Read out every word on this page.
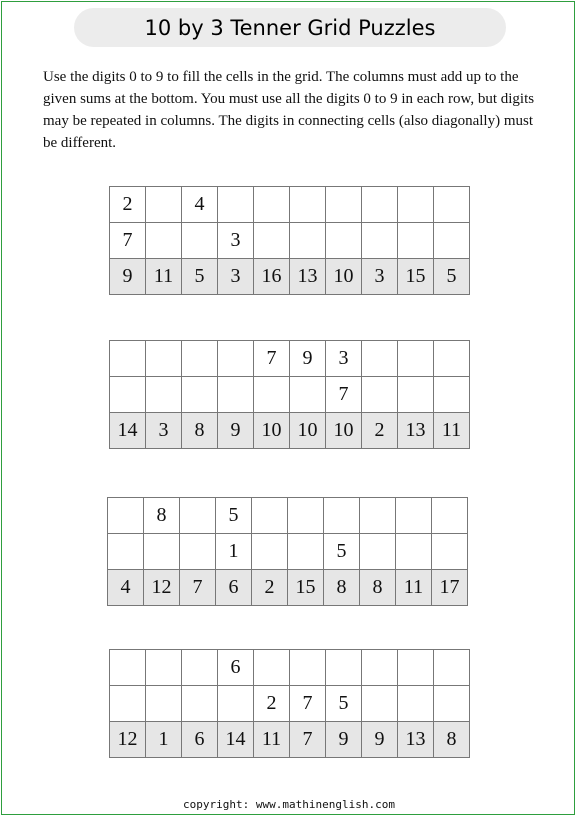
10 by 3 Tenner Grid Puzzles
Use the digits 0 to 9 to fill the cells in the grid. The columns must add up to the given sums at the bottom. You must use all the digits 0 to 9 in each row, but digits may be repeated in columns. The digits in connecting cells (also diagonally) must be different.
2		4							
7			3						
9	11	5	3	16	13	10	3	15	5
				7	9	3			
						7			
14	3	8	9	10	10	10	2	13	11
	8		5						
			1			5			
4	12	7	6	2	15	8	8	11	17
			6						
				2	7	5			
12	1	6	14	11	7	9	9	13	8
copyright: www.mathinenglish.com
